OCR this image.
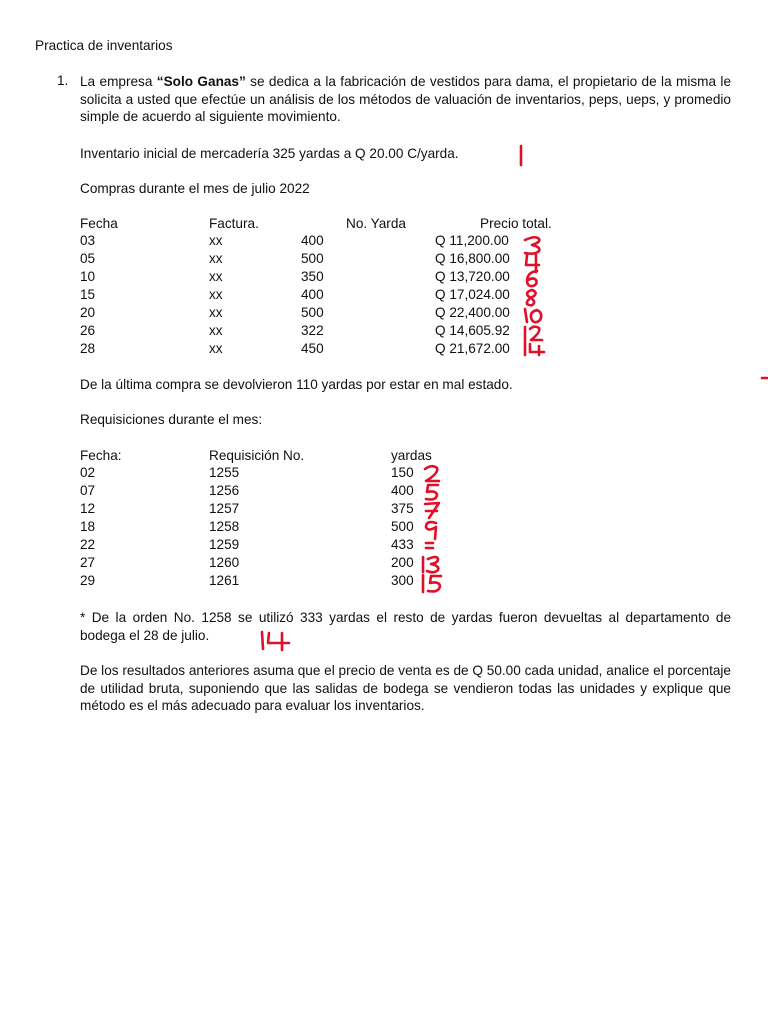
Practica de inventarios
1. La empresa “Solo Ganas” se dedica a la fabricación de vestidos para dama, el propietario de la misma le solicita a usted que efectúe un análisis de los métodos de valuación de inventarios, peps, ueps, y promedio simple de acuerdo al siguiente movimiento.
Inventario inicial de mercadería 325 yardas a Q 20.00 C/yarda.
Compras durante el mes de julio 2022
Fecha	Factura.	No. Yarda	Precio total.
03	xx	400	Q 11,200.00
05	xx	500	Q 16,800.00
10	xx	350	Q 13,720.00
15	xx	400	Q 17,024.00
20	xx	500	Q 22,400.00
26	xx	322	Q 14,605.92
28	xx	450	Q 21,672.00
De la última compra se devolvieron 110 yardas por estar en mal estado.
Requisiciones durante el mes:
Fecha:	Requisición No.	yardas
02	1255	150
07	1256	400
12	1257	375
18	1258	500
22	1259	433
27	1260	200
29	1261	300
* De la orden No. 1258 se utilizó 333 yardas el resto de yardas fueron devueltas al departamento de bodega el 28 de julio.
De los resultados anteriores asuma que el precio de venta es de Q 50.00 cada unidad, analice el porcentaje de utilidad bruta, suponiendo que las salidas de bodega se vendieron todas las unidades y explique que método es el más adecuado para evaluar los inventarios.
